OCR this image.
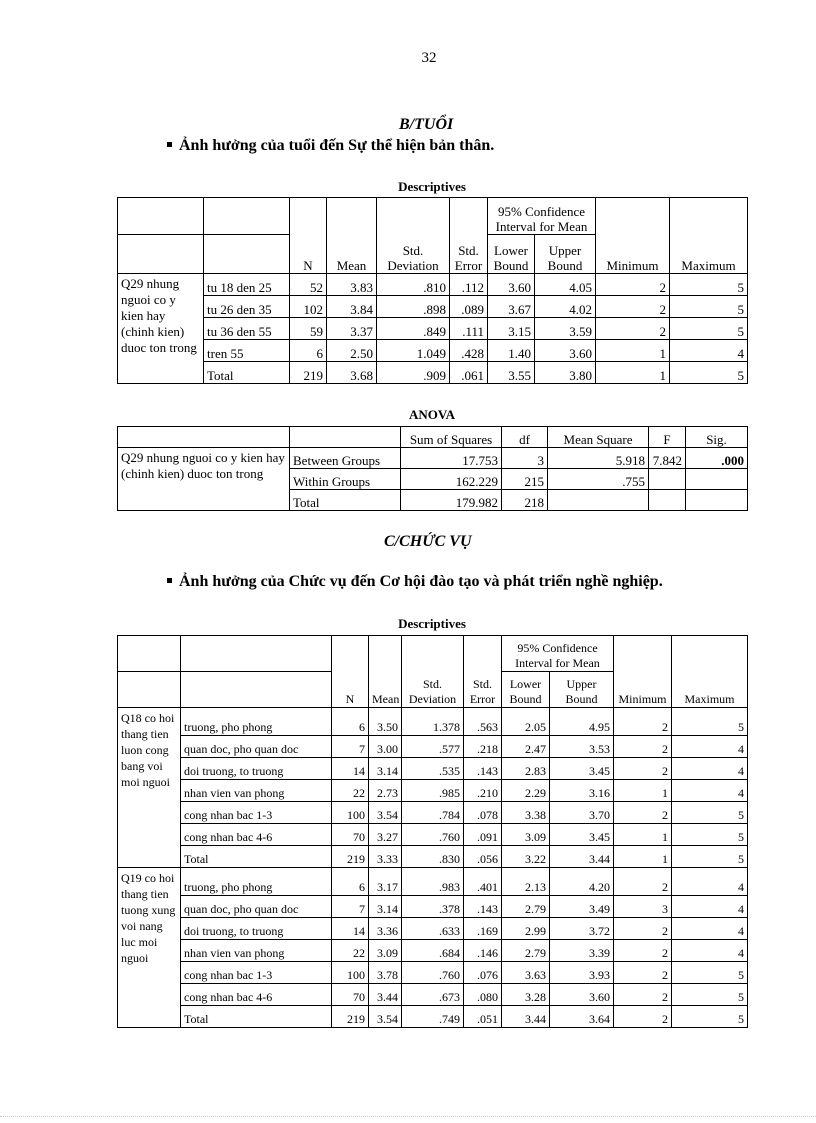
32
B/TUỔI
Ảnh hưởng của tuổi đến Sự thể hiện bản thân.
Descriptives
		N	Mean	Std. Deviation	Std. Error	95% Confidence Interval for Mean		Minimum	Maximum
						Lower Bound	Upper Bound		
Q29 nhung nguoi co y kien hay (chinh kien) duoc ton trong	tu 18 den 25	52	3.83	.810	.112	3.60	4.05	2	5
	tu 26 den 35	102	3.84	.898	.089	3.67	4.02	2	5
	tu 36 den 55	59	3.37	.849	.111	3.15	3.59	2	5
	tren 55	6	2.50	1.049	.428	1.40	3.60	1	4
	Total	219	3.68	.909	.061	3.55	3.80	1	5
ANOVA
		Sum of Squares	df	Mean Square	F	Sig.
Q29 nhung nguoi co y kien hay (chinh kien) duoc ton trong	Between Groups	17.753	3	5.918	7.842	.000
	Within Groups	162.229	215	.755		
	Total	179.982	218			
C/CHỨC VỤ
Ảnh hưởng của Chức vụ đến Cơ hội đào tạo và phát triển nghề nghiệp.
Descriptives
		N	Mean	Std. Deviation	Std. Error	95% Confidence Interval for Mean		Minimum	Maximum
						Lower Bound	Upper Bound		
Q18 co hoi thang tien luon cong bang voi moi nguoi	truong, pho phong	6	3.50	1.378	.563	2.05	4.95	2	5
	quan doc, pho quan doc	7	3.00	.577	.218	2.47	3.53	2	4
	doi truong, to truong	14	3.14	.535	.143	2.83	3.45	2	4
	nhan vien van phong	22	2.73	.985	.210	2.29	3.16	1	4
	cong nhan bac 1-3	100	3.54	.784	.078	3.38	3.70	2	5
	cong nhan bac 4-6	70	3.27	.760	.091	3.09	3.45	1	5
	Total	219	3.33	.830	.056	3.22	3.44	1	5
Q19 co hoi thang tien tuong xung voi nang luc moi nguoi	truong, pho phong	6	3.17	.983	.401	2.13	4.20	2	4
	quan doc, pho quan doc	7	3.14	.378	.143	2.79	3.49	3	4
	doi truong, to truong	14	3.36	.633	.169	2.99	3.72	2	4
	nhan vien van phong	22	3.09	.684	.146	2.79	3.39	2	4
	cong nhan bac 1-3	100	3.78	.760	.076	3.63	3.93	2	5
	cong nhan bac 4-6	70	3.44	.673	.080	3.28	3.60	2	5
	Total	219	3.54	.749	.051	3.44	3.64	2	5
